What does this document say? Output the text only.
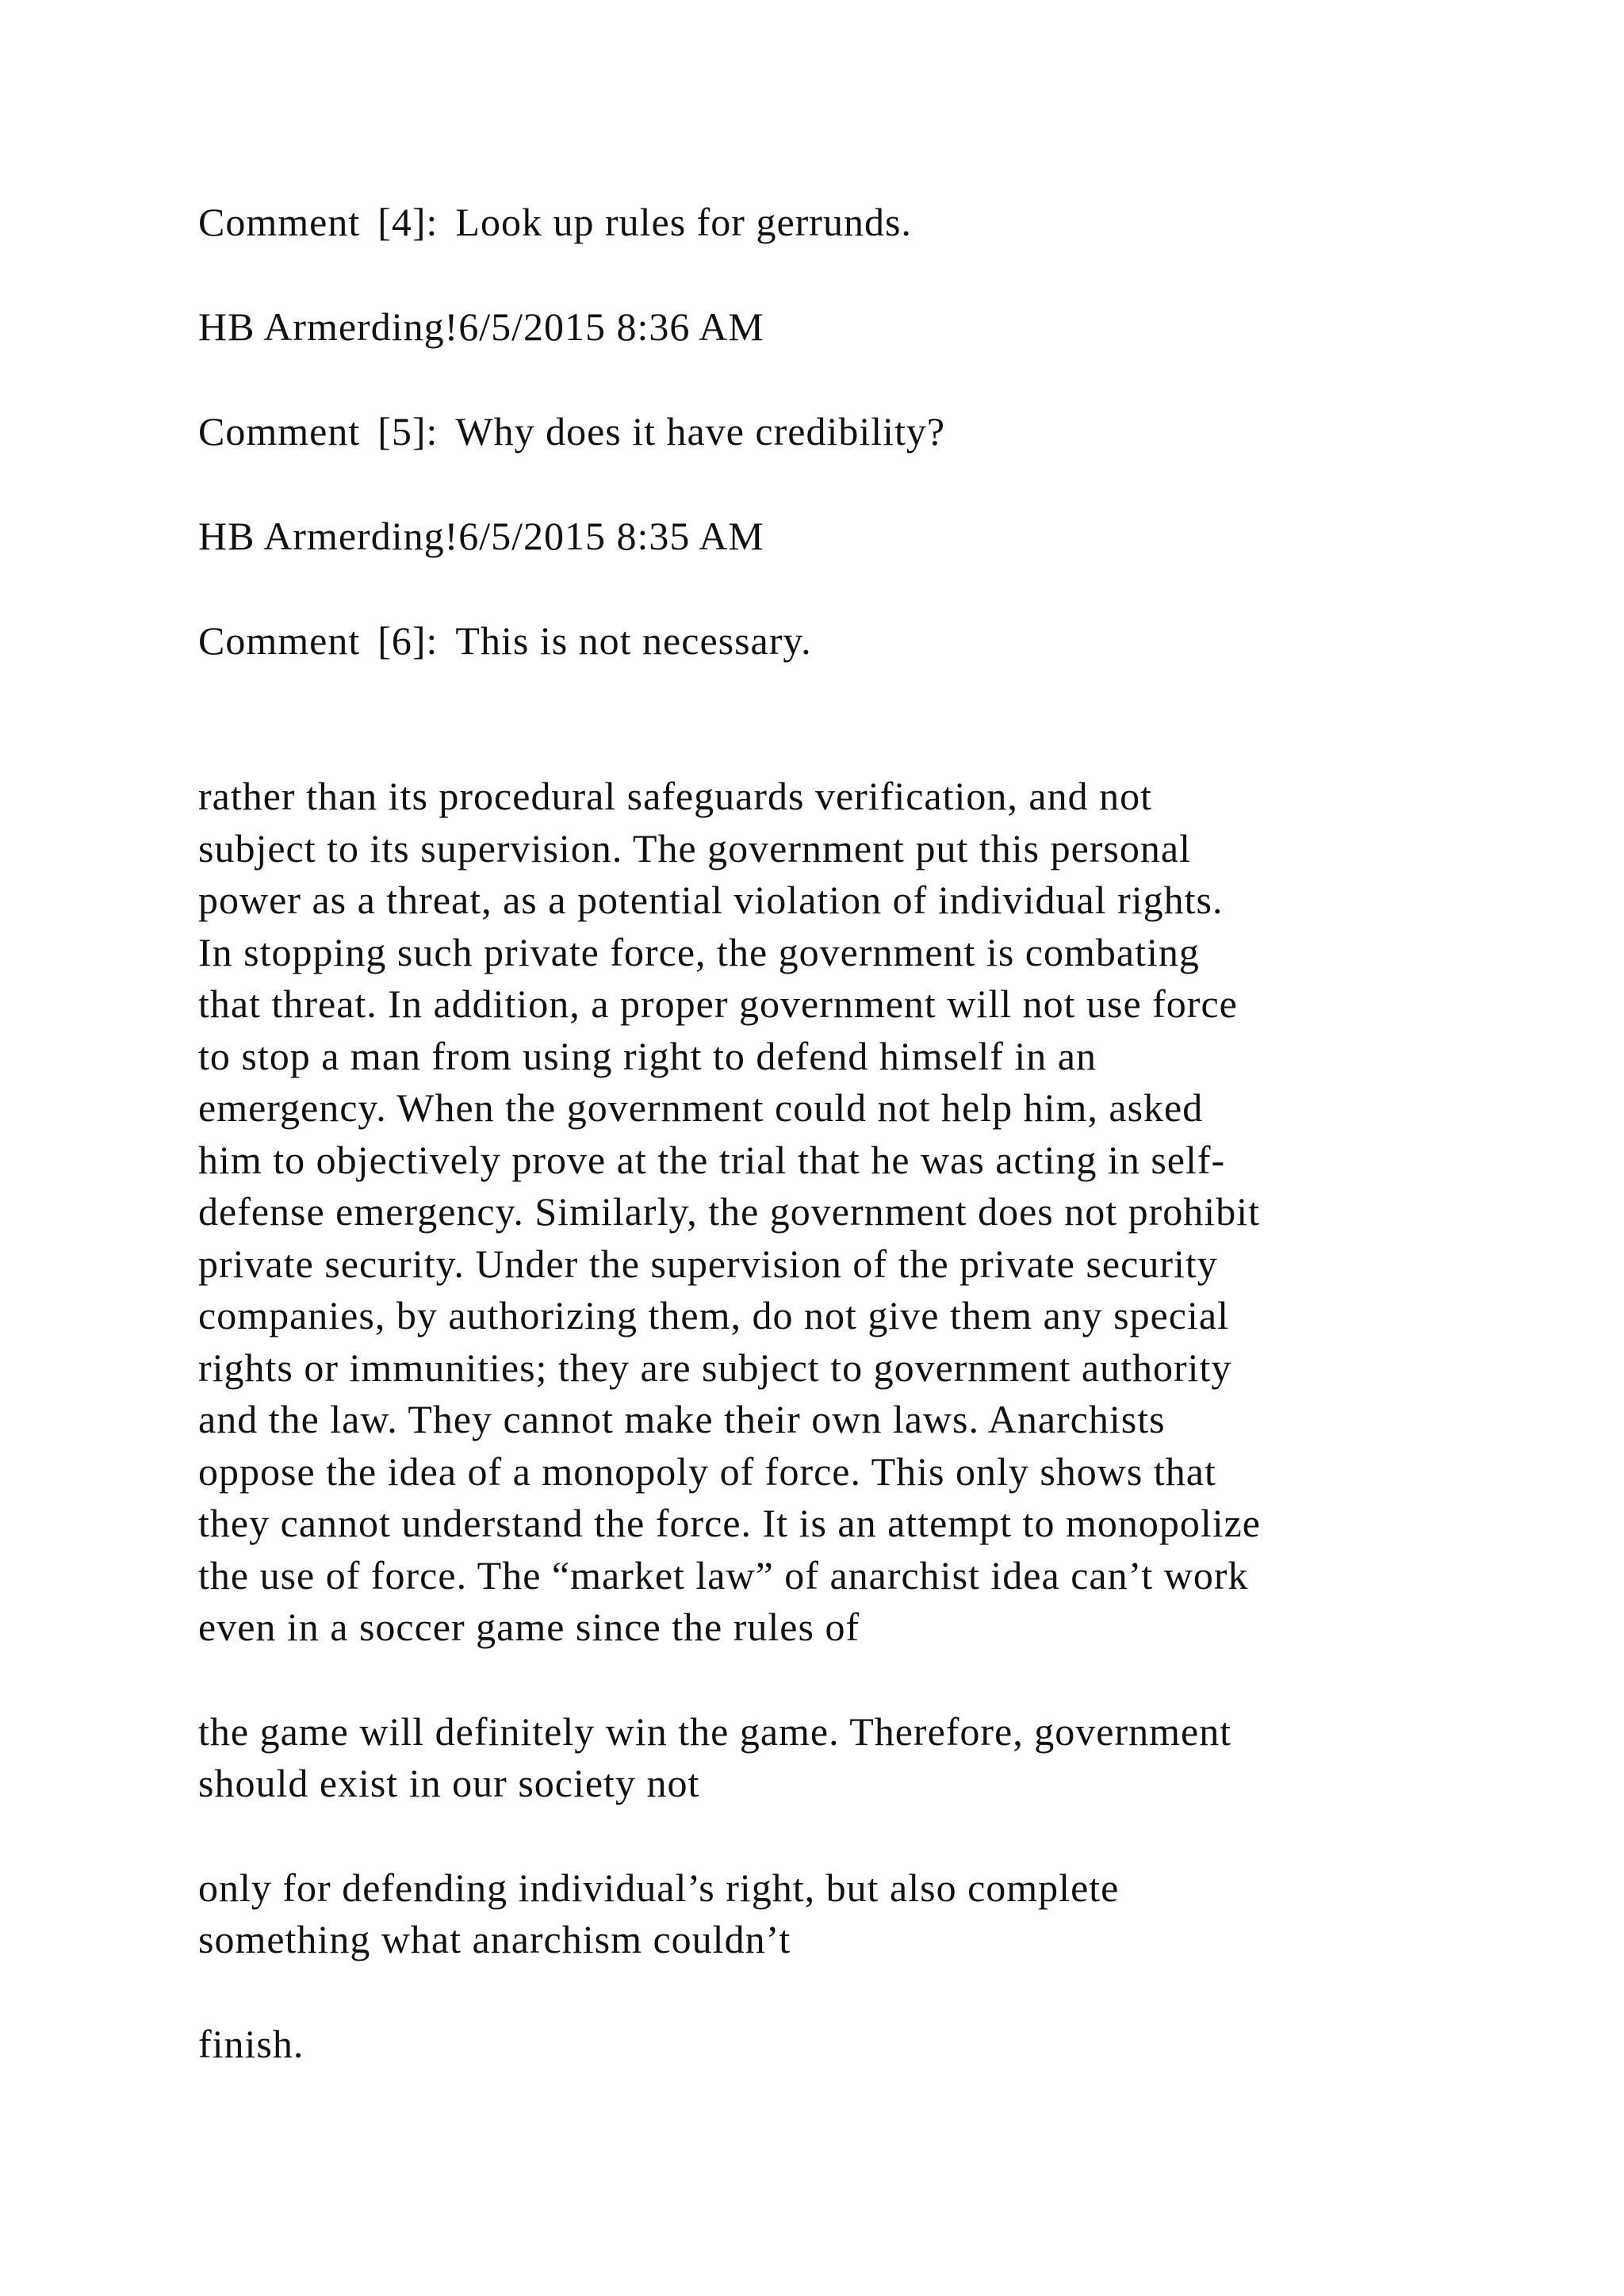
Comment [4]: Look up rules for gerrunds.
HB Armerding!6/5/2015 8:36 AM
Comment [5]: Why does it have credibility?
HB Armerding!6/5/2015 8:35 AM
Comment [6]: This is not necessary.
rather than its procedural safeguards verification, and not
subject to its supervision. The government put this personal
power as a threat, as a potential violation of individual rights.
In stopping such private force, the government is combating
that threat. In addition, a proper government will not use force
to stop a man from using right to defend himself in an
emergency. When the government could not help him, asked
him to objectively prove at the trial that he was acting in self-
defense emergency. Similarly, the government does not prohibit
private security. Under the supervision of the private security
companies, by authorizing them, do not give them any special
rights or immunities; they are subject to government authority
and the law. They cannot make their own laws. Anarchists
oppose the idea of a monopoly of force. This only shows that
they cannot understand the force. It is an attempt to monopolize
the use of force. The “market law” of anarchist idea can’t work
even in a soccer game since the rules of
the game will definitely win the game. Therefore, government
should exist in our society not
only for defending individual’s right, but also complete
something what anarchism couldn’t
finish.
